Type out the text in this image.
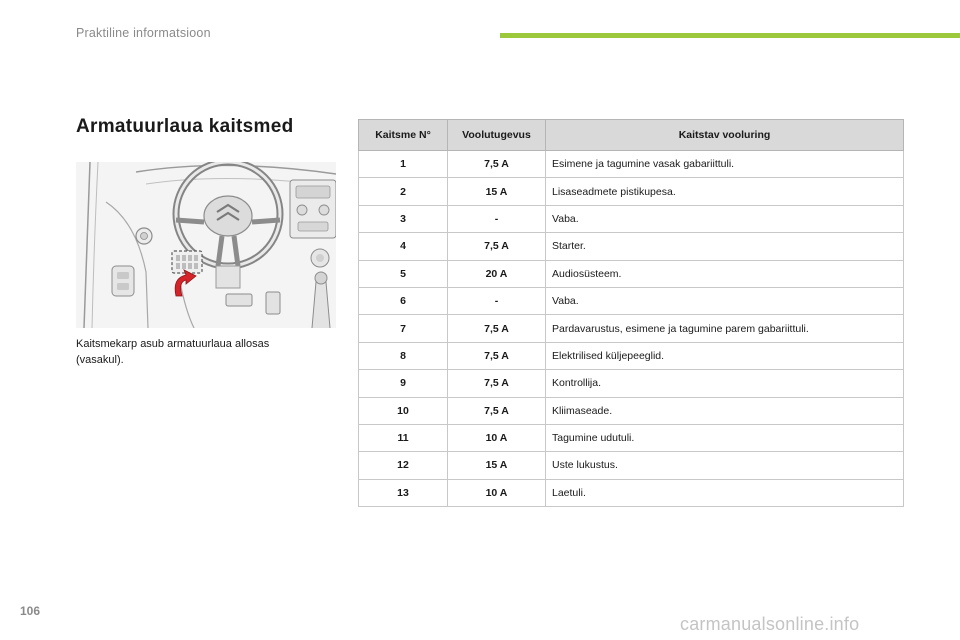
Praktiline informatsioon
Armatuurlaua kaitsmed

Kaitsmekarp asub armatuurlaua allosas (vasakul).

Kaitsme N°	Voolutugevus	Kaitstav vooluring
1	7,5 A	Esimene ja tagumine vasak gabariittuli.
2	15 A	Lisaseadmete pistikupesa.
3	-	Vaba.
4	7,5 A	Starter.
5	20 A	Audiosüsteem.
6	-	Vaba.
7	7,5 A	Pardavarustus, esimene ja tagumine parem gabariittuli.
8	7,5 A	Elektrilised küljepeeglid.
9	7,5 A	Kontrollija.
10	7,5 A	Kliimaseade.
11	10 A	Tagumine udutuli.
12	15 A	Uste lukustus.
13	10 A	Laetuli.
106
carmanualsonline.info
